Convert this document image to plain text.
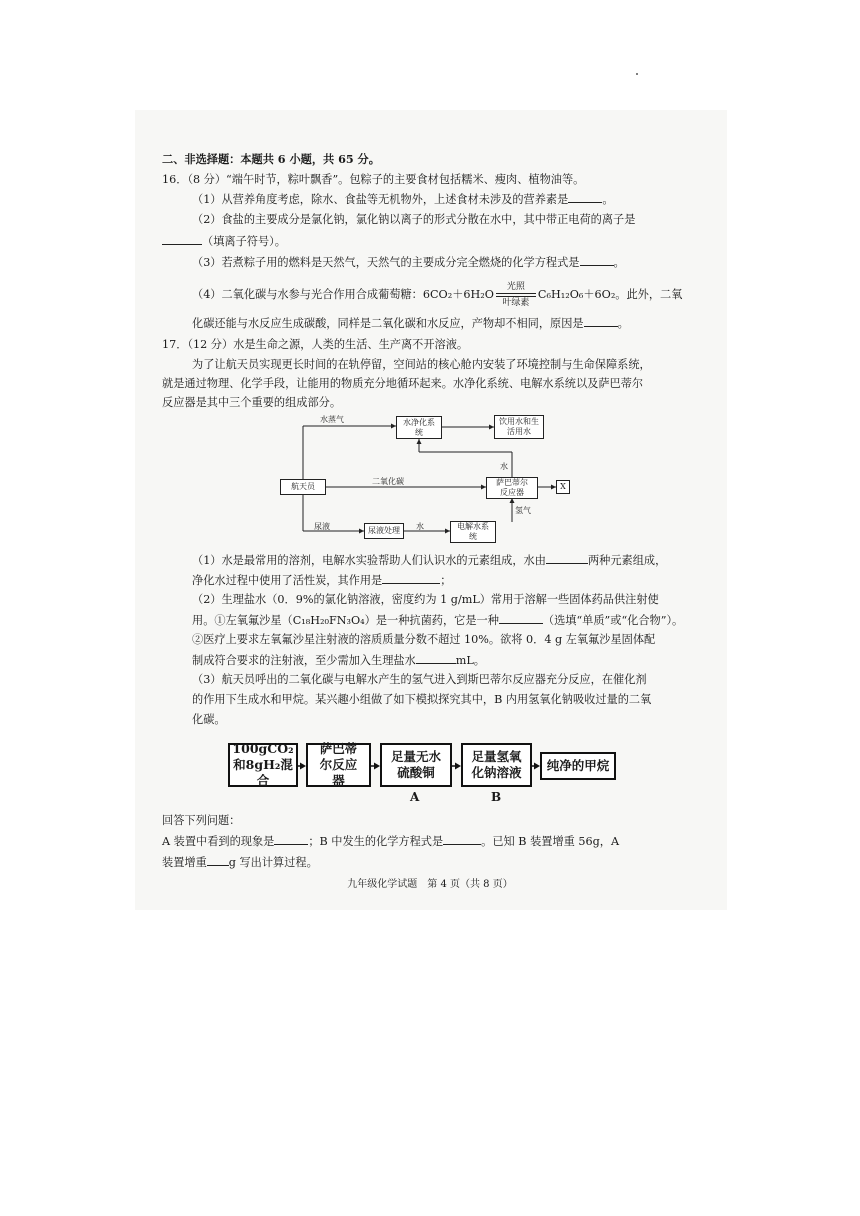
二、非选择题：本题共 6 小题，共 65 分。
16．（8 分）“端午时节，粽叶飘香”。包粽子的主要食材包括糯米、瘦肉、植物油等。
（1）从营养角度考虑，除水、食盐等无机物外，上述食材未涉及的营养素是	。
（2）食盐的主要成分是氯化钠，氯化钠以离子的形式分散在水中，其中带正电荷的离子是
（填离子符号）。
（3）若煮粽子用的燃料是天然气，天然气的主要成分完全燃烧的化学方程式是	。
（4）二氧化碳与水参与光合作用合成葡萄糖：6CO₂＋6H₂O光照
叶绿素C₆H₁₂O₆＋6O₂。此外，二氧
化碳还能与水反应生成碳酸，同样是二氧化碳和水反应，产物却不相同，原因是	。
17．（12 分）水是生命之源，人类的生活、生产离不开溶液。
为了让航天员实现更长时间的在轨停留，空间站的核心舱内安装了环境控制与生命保障系统，
就是通过物理、化学手段，让能用的物质充分地循环起来。水净化系统、电解水系统以及萨巴蒂尔
反应器是其中三个重要的组成部分。
航天员
水净化系统
饮用水和生活用水
萨巴蒂尔反应器
X
尿液处理	电解水系统
水蒸气
二氧化碳
尿液	水
水
氢气
（1）水是最常用的溶剂，电解水实验帮助人们认识水的元素组成，水由	两种元素组成，
净化水过程中使用了活性炭，其作用是	；
（2）生理盐水（0．9%的氯化钠溶液，密度约为 1 g/mL）常用于溶解一些固体药品供注射使
用。①左氧氟沙星（C₁₈H₂₀FN₃O₄）是一种抗菌药，它是一种	（选填“单质”或“化合物”）。
②医疗上要求左氧氟沙星注射液的溶质质量分数不超过 10%。欲将 0．4 g 左氧氟沙星固体配
制成符合要求的注射液，至少需加入生理盐水	mL。
（3）航天员呼出的二氧化碳与电解水产生的氢气进入到斯巴蒂尔反应器充分反应，在催化剂
的作用下生成水和甲烷。某兴趣小组做了如下模拟探究其中，B 内用氢氧化钠吸收过量的二氧
化碳。
100gCO₂和8gH₂混合
萨巴蒂尔反应器
足量无水硫酸铜
足量氢氧化钠溶液	纯净的甲烷
A	B
回答下列问题：
A 装置中看到的现象是	；B 中发生的化学方程式是	。已知 B 装置增重 56g，A
装置增重 g 写出计算过程。
九年级化学试题　第 4 页（共 8 页）
